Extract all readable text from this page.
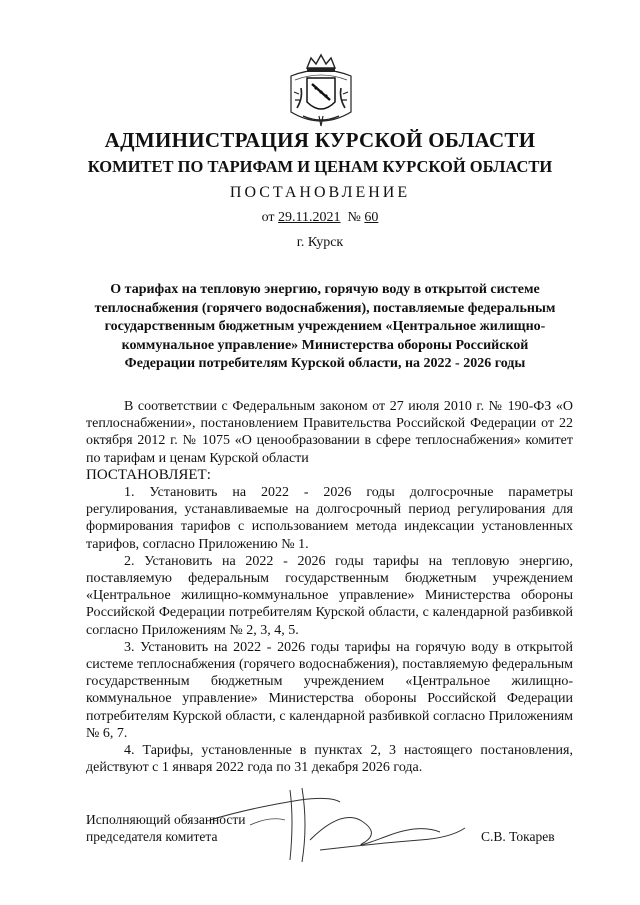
АДМИНИСТРАЦИЯ КУРСКОЙ ОБЛАСТИ
КОМИТЕТ ПО ТАРИФАМ И ЦЕНАМ КУРСКОЙ ОБЛАСТИ
ПОСТАНОВЛЕНИЕ
от 29.11.2021 № 60
г. Курск
О тарифах на тепловую энергию, горячую воду в открытой системе
теплоснабжения (горячего водоснабжения), поставляемые федеральным
государственным бюджетным учреждением «Центральное жилищно-
коммунальное управление» Министерства обороны Российской
Федерации потребителям Курской области, на 2022 - 2026 годы

В соответствии с Федеральным законом от 27 июля 2010 г. № 190-ФЗ «О теплоснабжении», постановлением Правительства Российской Федерации от 22 октября 2012 г. № 1075 «О ценообразовании в сфере теплоснабжения» комитет по тарифам и ценам Курской области

ПОСТАНОВЛЯЕТ:

1. Установить на 2022 - 2026 годы долгосрочные параметры регулирования, устанавливаемые на долгосрочный период регулирования для формирования тарифов с использованием метода индексации установленных тарифов, согласно Приложению № 1.

2. Установить на 2022 - 2026 годы тарифы на тепловую энергию, поставляемую федеральным государственным бюджетным учреждением «Центральное жилищно-коммунальное управление» Министерства обороны Российской Федерации потребителям Курской области, с календарной разбивкой согласно Приложениям № 2, 3, 4, 5.

3. Установить на 2022 - 2026 годы тарифы на горячую воду в открытой системе теплоснабжения (горячего водоснабжения), поставляемую федеральным государственным бюджетным учреждением «Центральное жилищно-коммунальное управление» Министерства обороны Российской Федерации потребителям Курской области, с календарной разбивкой согласно Приложениям № 6, 7.

4. Тарифы, установленные в пунктах 2, 3 настоящего постановления, действуют с 1 января 2022 года по 31 декабря 2026 года.

Исполняющий обязанности
председателя комитета	С.В. Токарев
